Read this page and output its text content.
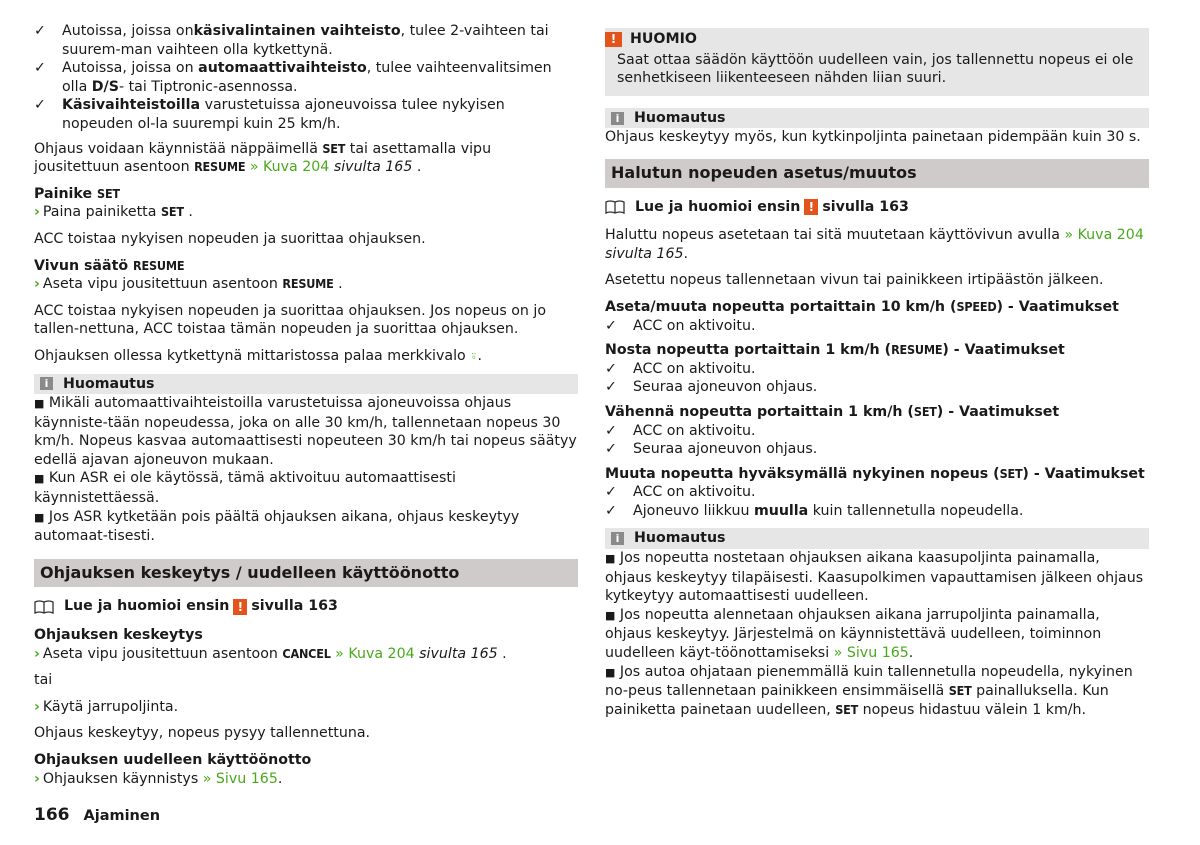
✓	Autoissa, joissa onkäsivalintainen vaihteisto, tulee 2-vaihteen tai suurem-man vaihteen olla kytkettynä.

✓	Autoissa, joissa on automaattivaihteisto, tulee vaihteenvalitsimen olla D/S- tai Tiptronic-asennossa.

✓	Käsivaihteistoilla varustetuissa ajoneuvoissa tulee nykyisen nopeuden ol-la suurempi kuin 25 km/h.

Ohjaus voidaan käynnistää näppäimellä SET tai asettamalla vipu jousitettuun asentoon RESUME » Kuva 204 sivulta 165 .

Painike SET

› Paina painiketta SET .

ACC toistaa nykyisen nopeuden ja suorittaa ohjauksen.

Vivun säätö RESUME

› Aseta vipu jousitettuun asentoon RESUME .

ACC toistaa nykyisen nopeuden ja suorittaa ohjauksen. Jos nopeus on jo tallen-nettuna, ACC toistaa tämän nopeuden ja suorittaa ohjauksen.

Ohjauksen ollessa kytkettynä mittaristossa palaa merkkivalo ⍤.

i	Huomautus

■ Mikäli automaattivaihteistoilla varustetuissa ajoneuvoissa ohjaus käynniste-tään nopeudessa, joka on alle 30 km/h, tallennetaan nopeus 30 km/h. Nopeus kasvaa automaattisesti nopeuteen 30 km/h tai nopeus säätyy edellä ajavan ajoneuvon mukaan.

■ Kun ASR ei ole käytössä, tämä aktivoituu automaattisesti käynnistettäessä.

■ Jos ASR kytketään pois päältä ohjauksen aikana, ohjaus keskeytyy automaat-tisesti.

Ohjauksen keskeytys / uudelleen käyttöönotto
Lue ja huomioi ensin ! sivulla 163

Ohjauksen keskeytys

› Aseta vipu jousitettuun asentoon CANCEL » Kuva 204 sivulta 165 .

tai

› Käytä jarrupoljinta.

Ohjaus keskeytyy, nopeus pysyy tallennettuna.

Ohjauksen uudelleen käyttöönotto

› Ohjauksen käynnistys » Sivu 165.

! HUOMIO

Saat ottaa säädön käyttöön uudelleen vain, jos tallennettu nopeus ei ole senhetkiseen liikenteeseen nähden liian suuri.

i	Huomautus

Ohjaus keskeytyy myös, kun kytkinpoljinta painetaan pidempään kuin 30 s.

Halutun nopeuden asetus/muutos
Lue ja huomioi ensin ! sivulla 163

Haluttu nopeus asetetaan tai sitä muutetaan käyttövivun avulla » Kuva 204
sivulta 165.

Asetettu nopeus tallennetaan vivun tai painikkeen irtipäästön jälkeen.

Aseta/muuta nopeutta portaittain 10 km/h (SPEED) - Vaatimukset

✓	ACC on aktivoitu.

Nosta nopeutta portaittain 1 km/h (RESUME) - Vaatimukset

✓	ACC on aktivoitu.

✓	Seuraa ajoneuvon ohjaus.

Vähennä nopeutta portaittain 1 km/h (SET) - Vaatimukset

✓	ACC on aktivoitu.

✓	Seuraa ajoneuvon ohjaus.

Muuta nopeutta hyväksymällä nykyinen nopeus (SET) - Vaatimukset

✓	ACC on aktivoitu.

✓	Ajoneuvo liikkuu muulla kuin tallennetulla nopeudella.

i	Huomautus

■ Jos nopeutta nostetaan ohjauksen aikana kaasupoljinta painamalla, ohjaus keskeytyy tilapäisesti. Kaasupolkimen vapauttamisen jälkeen ohjaus kytkeytyy automaattisesti uudelleen.

■ Jos nopeutta alennetaan ohjauksen aikana jarrupoljinta painamalla, ohjaus keskeytyy. Järjestelmä on käynnistettävä uudelleen, toiminnon uudelleen käyt-töönottamiseksi » Sivu 165.

■ Jos autoa ohjataan pienemmällä kuin tallennetulla nopeudella, nykyinen no-peus tallennetaan painikkeen ensimmäisellä SET painalluksella. Kun painiketta painetaan uudelleen, SET nopeus hidastuu välein 1 km/h.

166 Ajaminen
